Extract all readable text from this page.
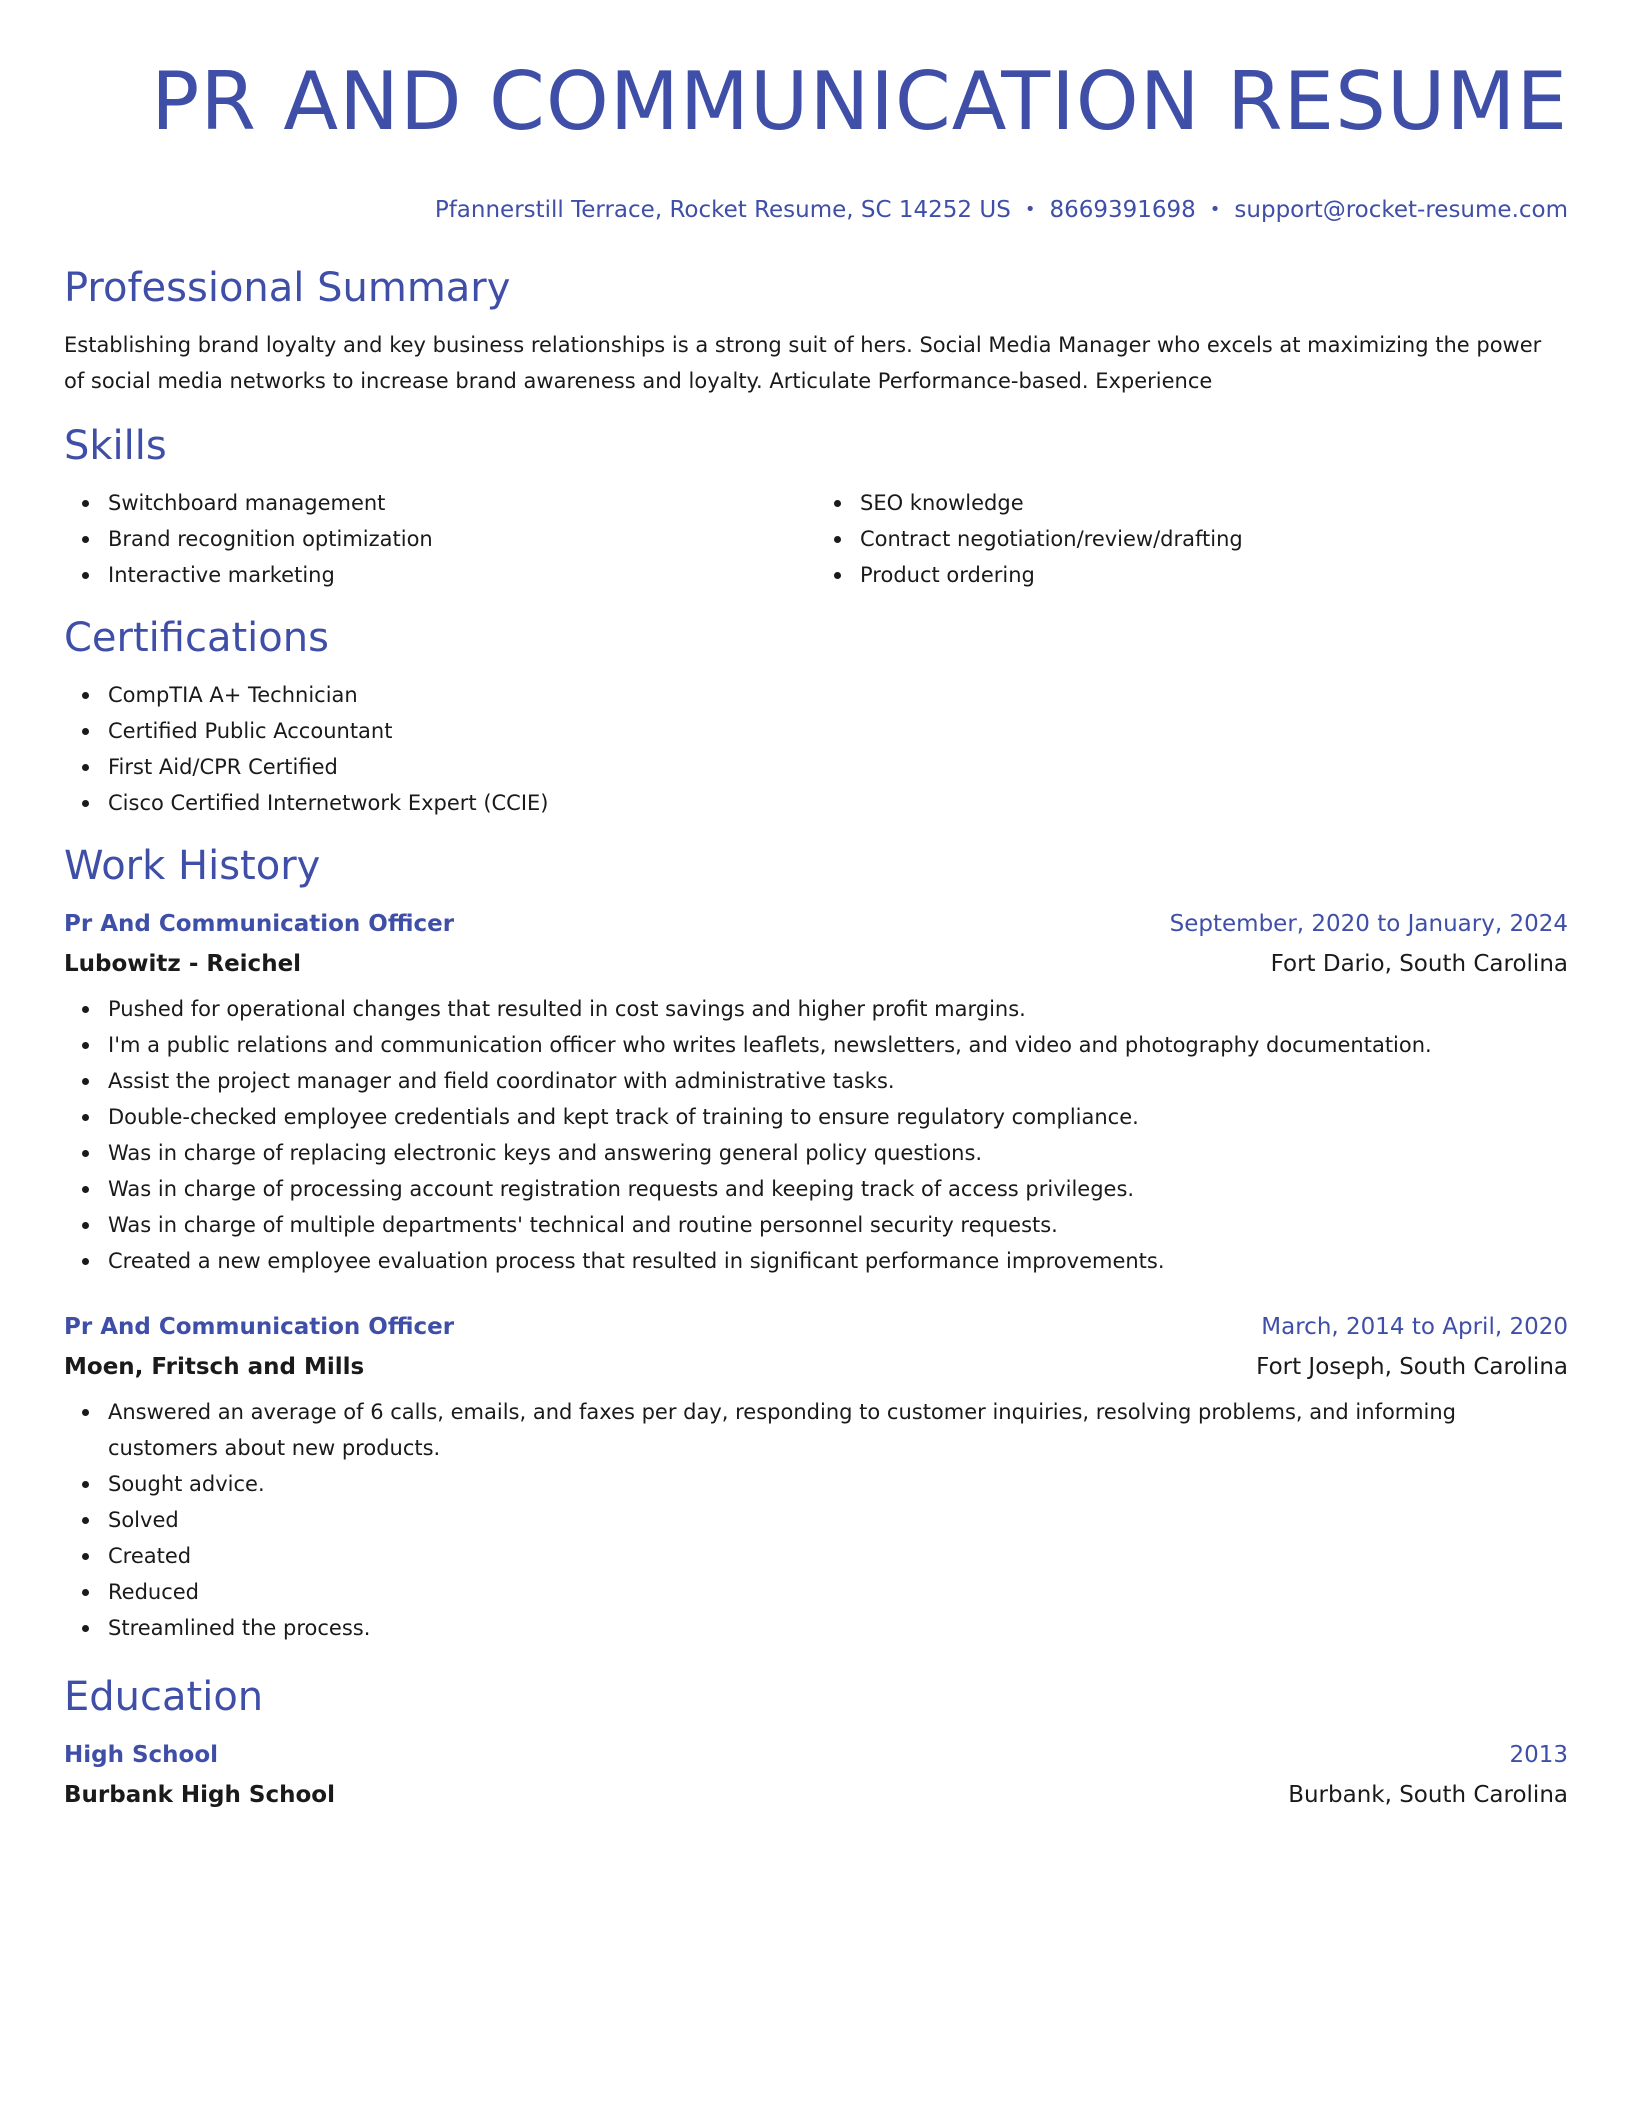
PR AND COMMUNICATION RESUME
Pfannerstill Terrace, Rocket Resume, SC 14252 US • 8669391698 • support@rocket-resume.com
Professional Summary
Establishing brand loyalty and key business relationships is a strong suit of hers. Social Media Manager who excels at maximizing the power of social media networks to increase brand awareness and loyalty. Articulate Performance-based. Experience
Skills
Switchboard management
Brand recognition optimization
Interactive marketing
SEO knowledge
Contract negotiation/review/drafting
Product ordering
Certifications
CompTIA A+ Technician
Certified Public Accountant
First Aid/CPR Certified
Cisco Certified Internetwork Expert (CCIE)
Work History
Pr And Communication Officer	September, 2020 to January, 2024
Lubowitz - Reichel	Fort Dario, South Carolina
Pushed for operational changes that resulted in cost savings and higher profit margins.
I'm a public relations and communication officer who writes leaflets, newsletters, and video and photography documentation.
Assist the project manager and field coordinator with administrative tasks.
Double-checked employee credentials and kept track of training to ensure regulatory compliance.
Was in charge of replacing electronic keys and answering general policy questions.
Was in charge of processing account registration requests and keeping track of access privileges.
Was in charge of multiple departments' technical and routine personnel security requests.
Created a new employee evaluation process that resulted in significant performance improvements.
Pr And Communication Officer	March, 2014 to April, 2020
Moen, Fritsch and Mills	Fort Joseph, South Carolina
Answered an average of 6 calls, emails, and faxes per day, responding to customer inquiries, resolving problems, and informing customers about new products.
Sought advice.
Solved
Created
Reduced
Streamlined the process.
Education
High School	2013
Burbank High School	Burbank, South Carolina
